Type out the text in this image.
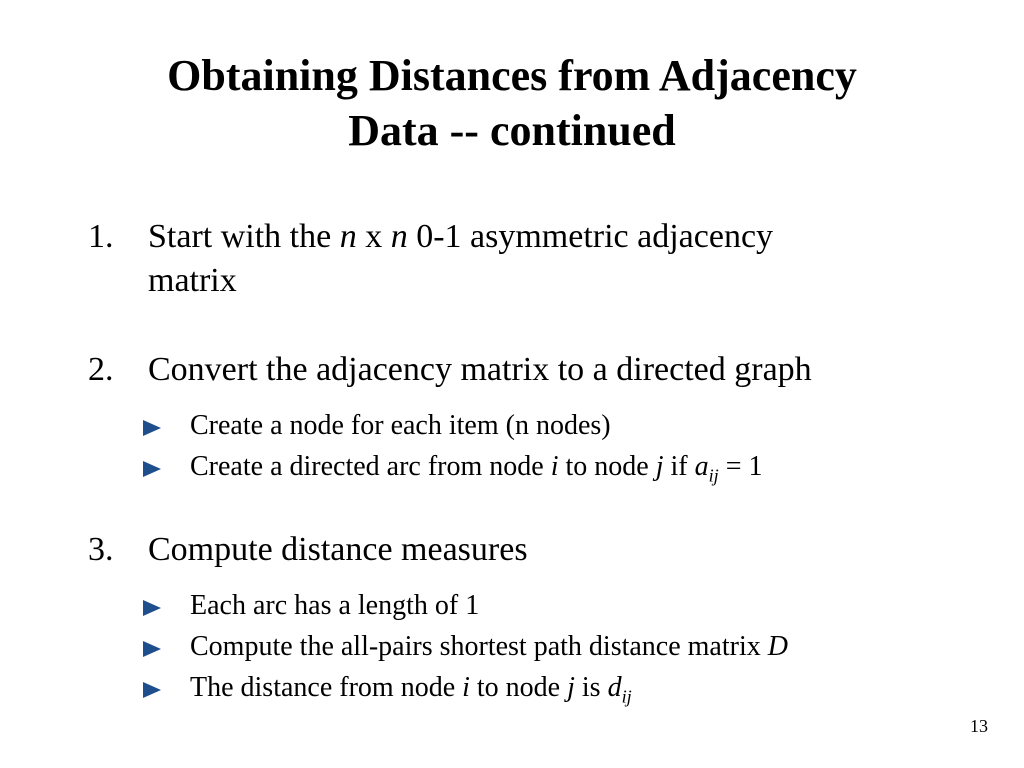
Obtaining Distances from Adjacency
Data -- continued
1. Start with the n x n 0-1 asymmetric adjacency
matrix
2. Convert the adjacency matrix to a directed graph
Create a node for each item (n nodes)
Create a directed arc from node i to node j if $a_{ij} = 1$
3. Compute distance measures
Each arc has a length of 1
Compute the all-pairs shortest path distance matrix D
The distance from node i to node j is $d_{ij}$
13
